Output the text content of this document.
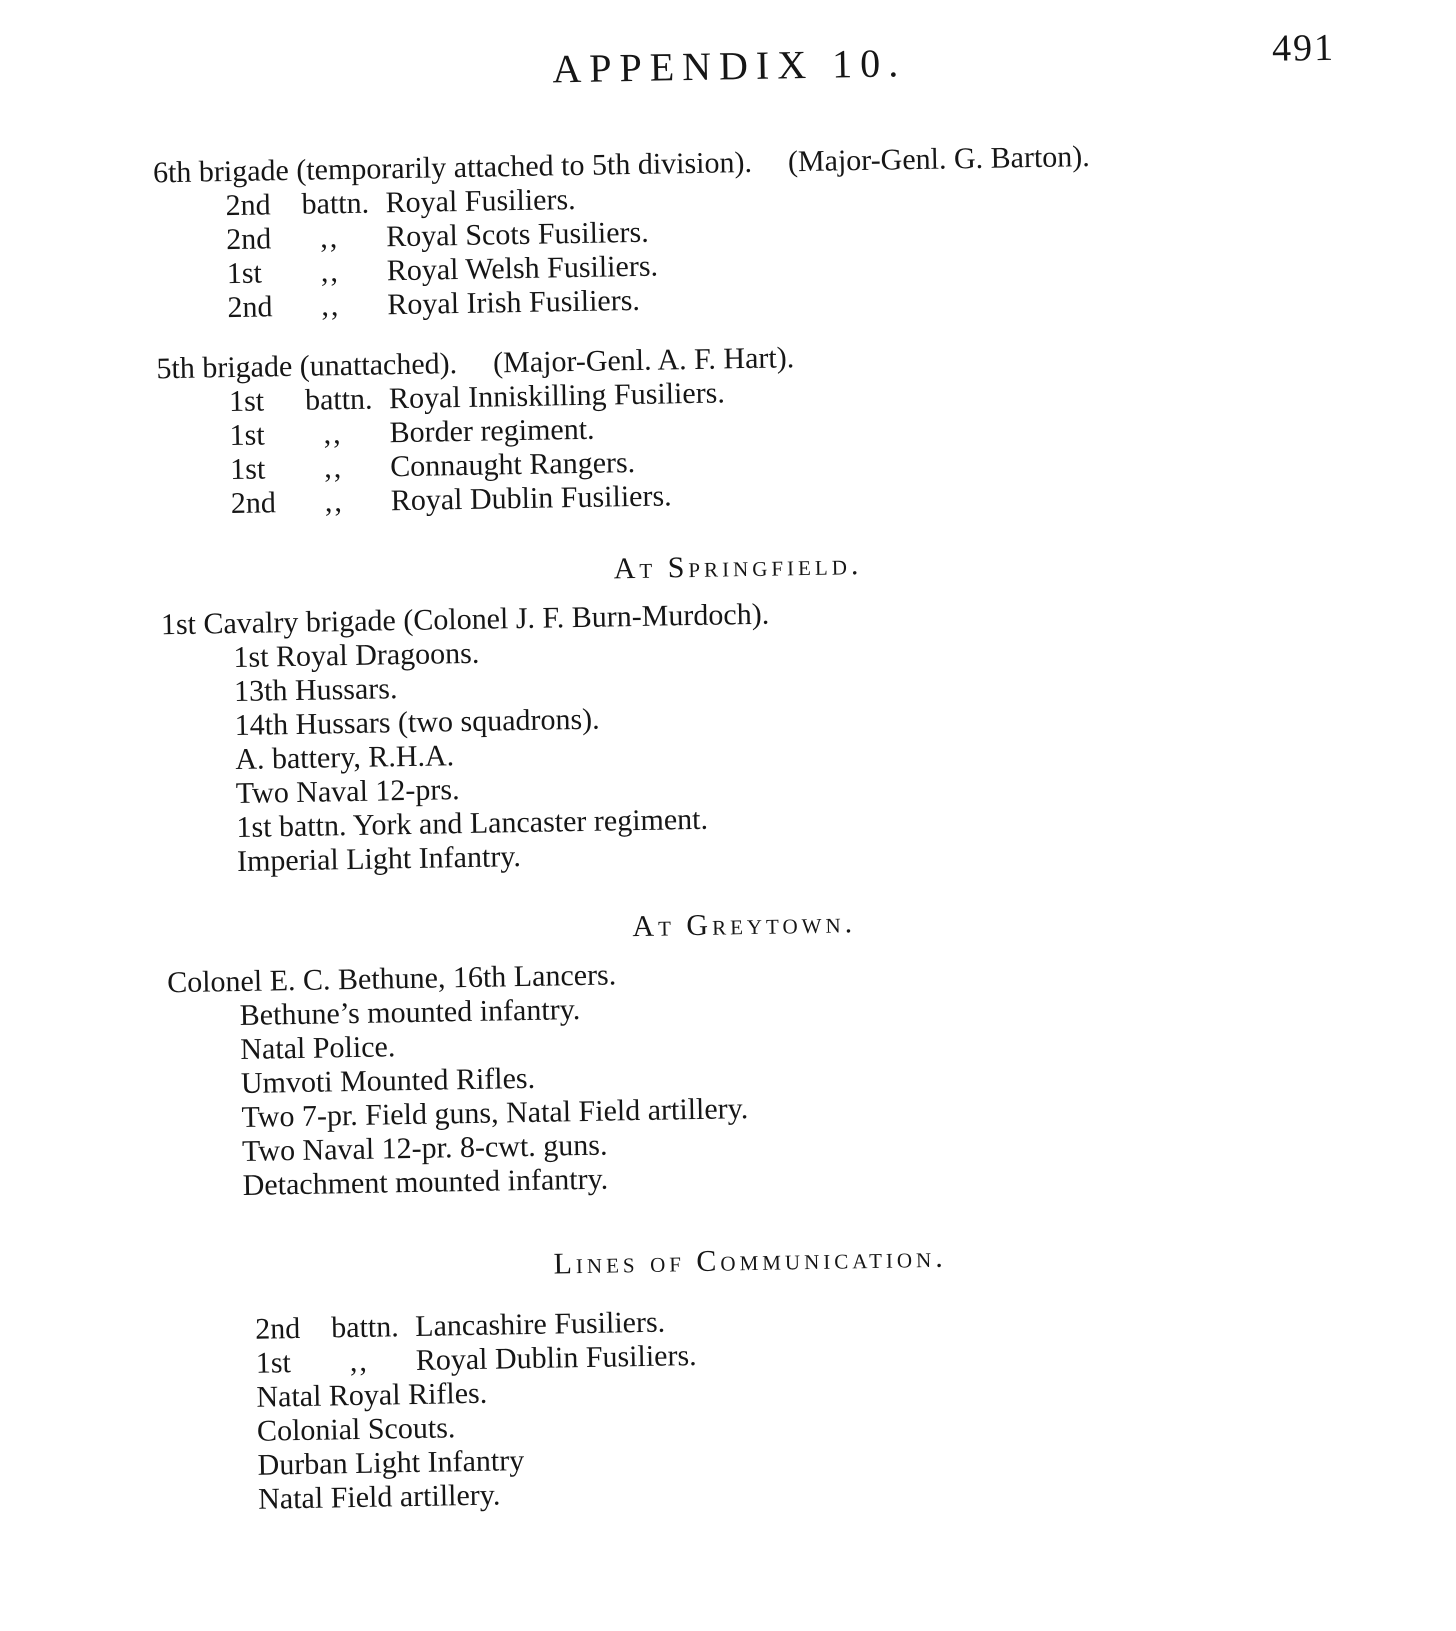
APPENDIX 10.	491

6th brigade (temporarily attached to 5th division). (Major-Genl. G. Barton).

2nd	battn. Royal Fusiliers.
2nd	,,	Royal Scots Fusiliers.
1st	,,	Royal Welsh Fusiliers.
2nd	,,	Royal Irish Fusiliers.

5th brigade (unattached). (Major-Genl. A. F. Hart).

1st	battn. Royal Inniskilling Fusiliers.
1st	,,	Border regiment.
1st	,,	Connaught Rangers.
2nd	,,	Royal Dublin Fusiliers.
At Springfield.

1st Cavalry brigade (Colonel J. F. Burn-Murdoch).

1st Royal Dragoons.
13th Hussars.
14th Hussars (two squadrons).
A. battery, R.H.A.
Two Naval 12-prs.
1st battn. York and Lancaster regiment.
Imperial Light Infantry.
At Greytown.

Colonel E. C. Bethune, 16th Lancers.

Bethune’s mounted infantry.
Natal Police.
Umvoti Mounted Rifles.
Two 7-pr. Field guns, Natal Field artillery.
Two Naval 12-pr. 8-cwt. guns.
Detachment mounted infantry.
Lines of Communication.
2nd	battn. Lancashire Fusiliers.
1st	,,	Royal Dublin Fusiliers.
Natal Royal Rifles.
Colonial Scouts.
Durban Light Infantry
Natal Field artillery.
